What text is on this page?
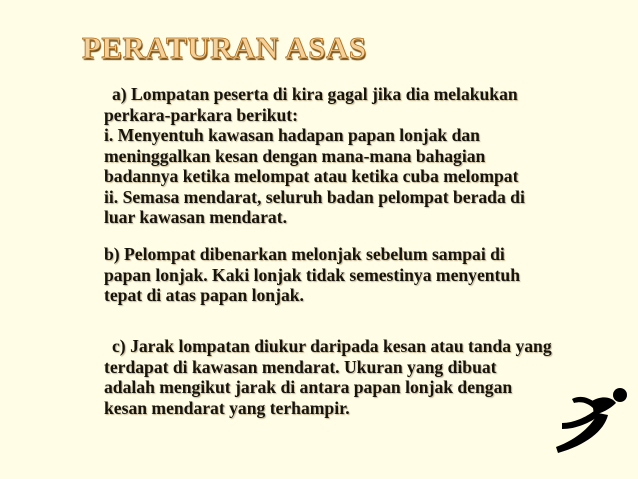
PERATURAN ASAS
a) Lompatan peserta di kira gagal jika dia melakukan
perkara-parkara berikut:
i. Menyentuh kawasan hadapan papan lonjak dan
meninggalkan kesan dengan mana-mana bahagian
badannya ketika melompat atau ketika cuba melompat
ii. Semasa mendarat, seluruh badan pelompat berada di
luar kawasan mendarat.
b) Pelompat dibenarkan melonjak sebelum sampai di
papan lonjak. Kaki lonjak tidak semestinya menyentuh
tepat di atas papan lonjak.
c) Jarak lompatan diukur daripada kesan atau tanda yang
terdapat di kawasan mendarat. Ukuran yang dibuat
adalah mengikut jarak di antara papan lonjak dengan
kesan mendarat yang terhampir.
